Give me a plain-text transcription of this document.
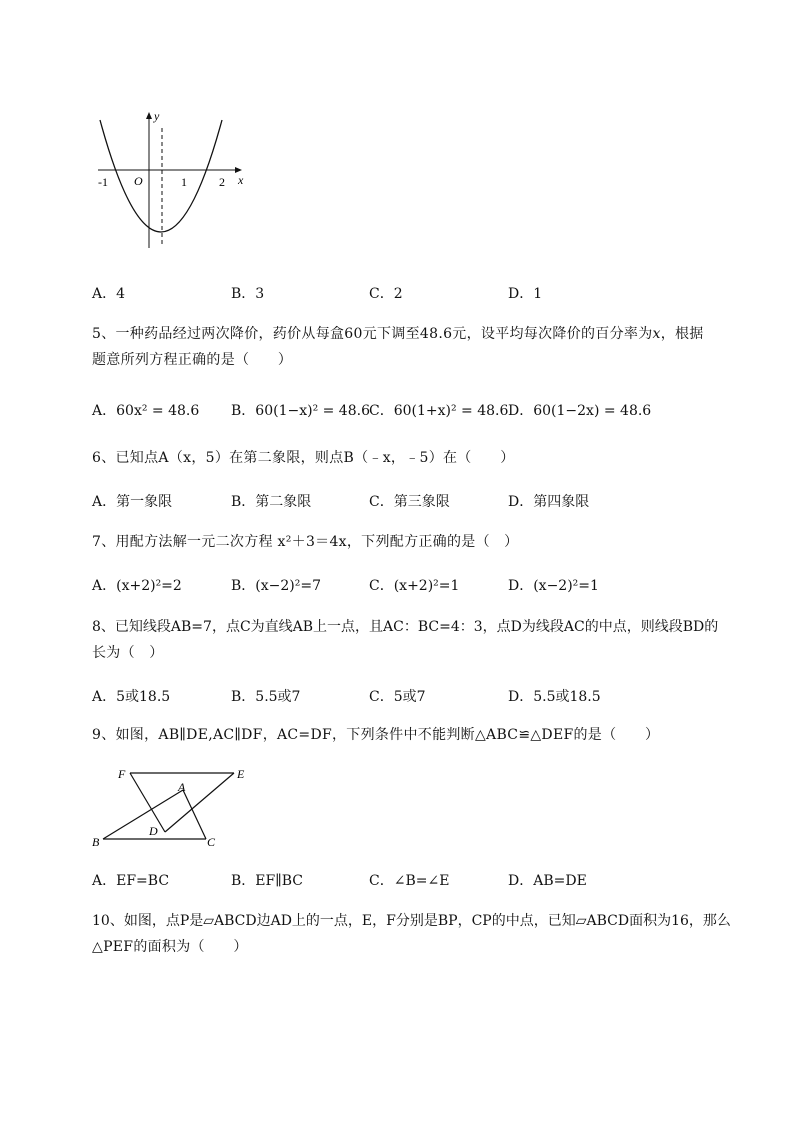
y
x
O
-1	1	2
A．4	B．3	C．2	D．1
5、一种药品经过两次降价，药价从每盒60元下调至48.6元，设平均每次降价的百分率为x，根据
题意所列方程正确的是（　　）
A．60x² = 48.6 B．60(1−x)² = 48.6 C．60(1+x)² = 48.6 D．60(1−2x) = 48.6
6、已知点A（x，5）在第二象限，则点B（﹣x，﹣5）在（　　）
A．第一象限	B．第二象限	C．第三象限	D．第四象限
7、用配方法解一元二次方程 x²＋3＝4x，下列配方正确的是（　）
A．(x+2)²=2	B．(x−2)²=7	C．(x+2)²=1	D．(x−2)²=1
8、已知线段AB=7，点C为直线AB上一点，且AC：BC=4：3，点D为线段AC的中点，则线段BD的
长为（　）
A．5或18.5	B．5.5或7	C．5或7	D．5.5或18.5
9、如图，AB∥DE,AC∥DF，AC=DF，下列条件中不能判断△ABC≌△DEF的是（　　）
F	E
A
D
B	C
A．EF=BC	B．EF∥BC	C．∠B=∠E	D．AB=DE
10、如图，点P是▱ABCD边AD上的一点，E，F分别是BP，CP的中点，已知▱ABCD面积为16，那么
△PEF的面积为（　　）
